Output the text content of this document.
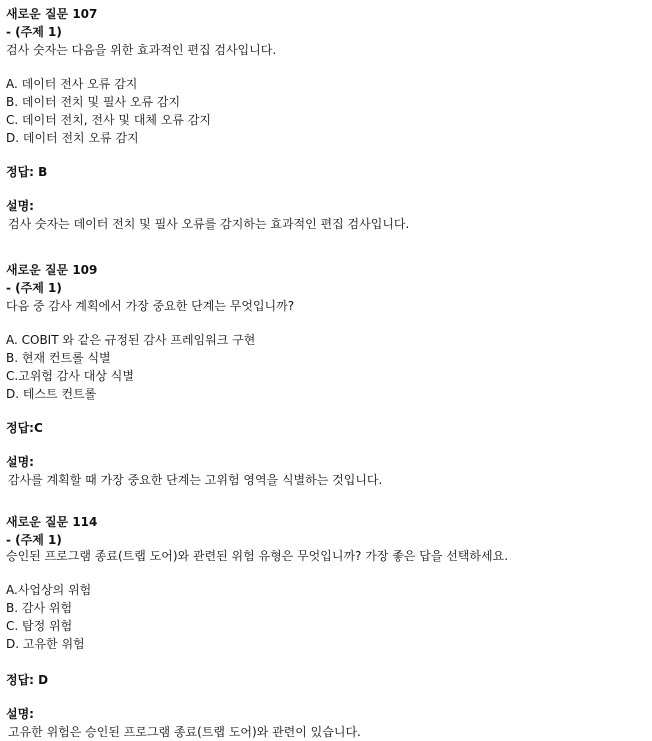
새로운 질문 107
- (주제 1)
검사 숫자는 다음을 위한 효과적인 편집 검사입니다.
A. 데이터 전사 오류 감지
B. 데이터 전치 및 필사 오류 감지
C. 데이터 전치, 전사 및 대체 오류 감지
D. 데이터 전치 오류 감지
정답: B
설명:
검사 숫자는 데이터 전치 및 필사 오류를 감지하는 효과적인 편집 검사입니다.
새로운 질문 109
- (주제 1)
다음 중 감사 계획에서 가장 중요한 단계는 무엇입니까?
A. COBIT 와 같은 규정된 감사 프레임워크 구현
B. 현재 컨트롤 식별
C.고위험 감사 대상 식별
D. 테스트 컨트롤
정답:C
설명:
감사를 계획할 때 가장 중요한 단계는 고위험 영역을 식별하는 것입니다.
새로운 질문 114
- (주제 1)
승인된 프로그램 종료(트랩 도어)와 관련된 위험 유형은 무엇입니까? 가장 좋은 답을 선택하세요.
A.사업상의 위험
B. 감사 위험
C. 탐정 위험
D. 고유한 위험
정답: D
설명:
고유한 위험은 승인된 프로그램 종료(트랩 도어)와 관련이 있습니다.
